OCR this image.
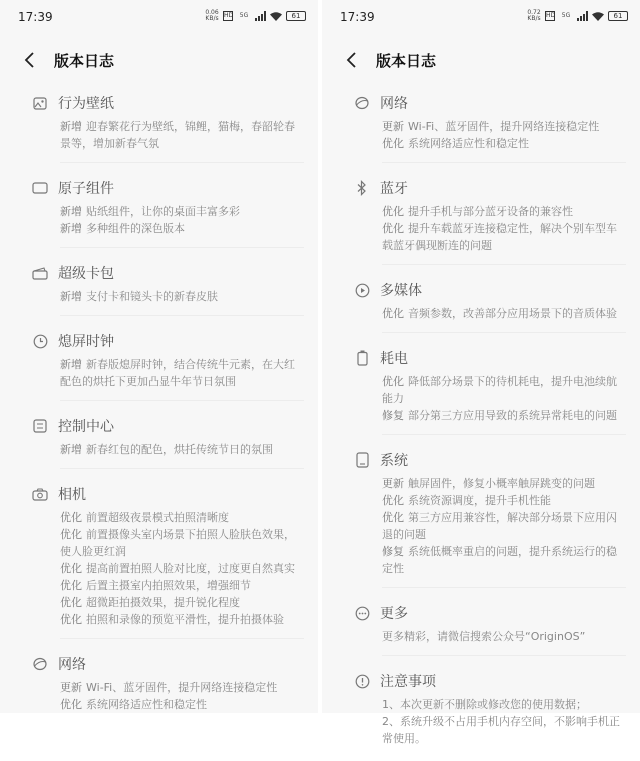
17:39	0.06
KB/s HD	5G	61
版本日志
行为壁纸
新增 迎春繁花行为壁纸，锦鲤，猫梅，春韶轮春景等，增加新春气氛
原子组件
新增 贴纸组件，让你的桌面丰富多彩
新增 多种组件的深色版本
超级卡包
新增 支付卡和镜头卡的新春皮肤
熄屏时钟
新增 新春版熄屏时钟，结合传统牛元素，在大红配色的烘托下更加凸显牛年节日氛围
控制中心
新增 新春红包的配色，烘托传统节日的氛围
相机
优化 前置超级夜景模式拍照清晰度
优化 前置摄像头室内场景下拍照人脸肤色效果，使人脸更红润
优化 提高前置拍照人脸对比度，过度更自然真实
优化 后置主摄室内拍照效果，增强细节
优化 超微距拍摄效果，提升锐化程度
优化 拍照和录像的预览平滑性，提升拍摄体验
网络
更新 Wi-Fi、蓝牙固件，提升网络连接稳定性
优化 系统网络适应性和稳定性
17:39	0.72
KB/s HD	5G	61
版本日志
网络
更新 Wi-Fi、蓝牙固件，提升网络连接稳定性
优化 系统网络适应性和稳定性
蓝牙
优化 提升手机与部分蓝牙设备的兼容性
优化 提升车载蓝牙连接稳定性，解决个别车型车载蓝牙偶现断连的问题
多媒体
优化 音频参数，改善部分应用场景下的音质体验
耗电
优化 降低部分场景下的待机耗电，提升电池续航能力
修复 部分第三方应用导致的系统异常耗电的问题
系统
更新 触屏固件，修复小概率触屏跳变的问题
优化 系统资源调度，提升手机性能
优化 第三方应用兼容性，解决部分场景下应用闪退的问题
修复 系统低概率重启的问题，提升系统运行的稳定性
更多
更多精彩，请微信搜索公众号“OriginOS”
注意事项
1、本次更新不删除或修改您的使用数据；
2、系统升级不占用手机内存空间，不影响手机正常使用。
